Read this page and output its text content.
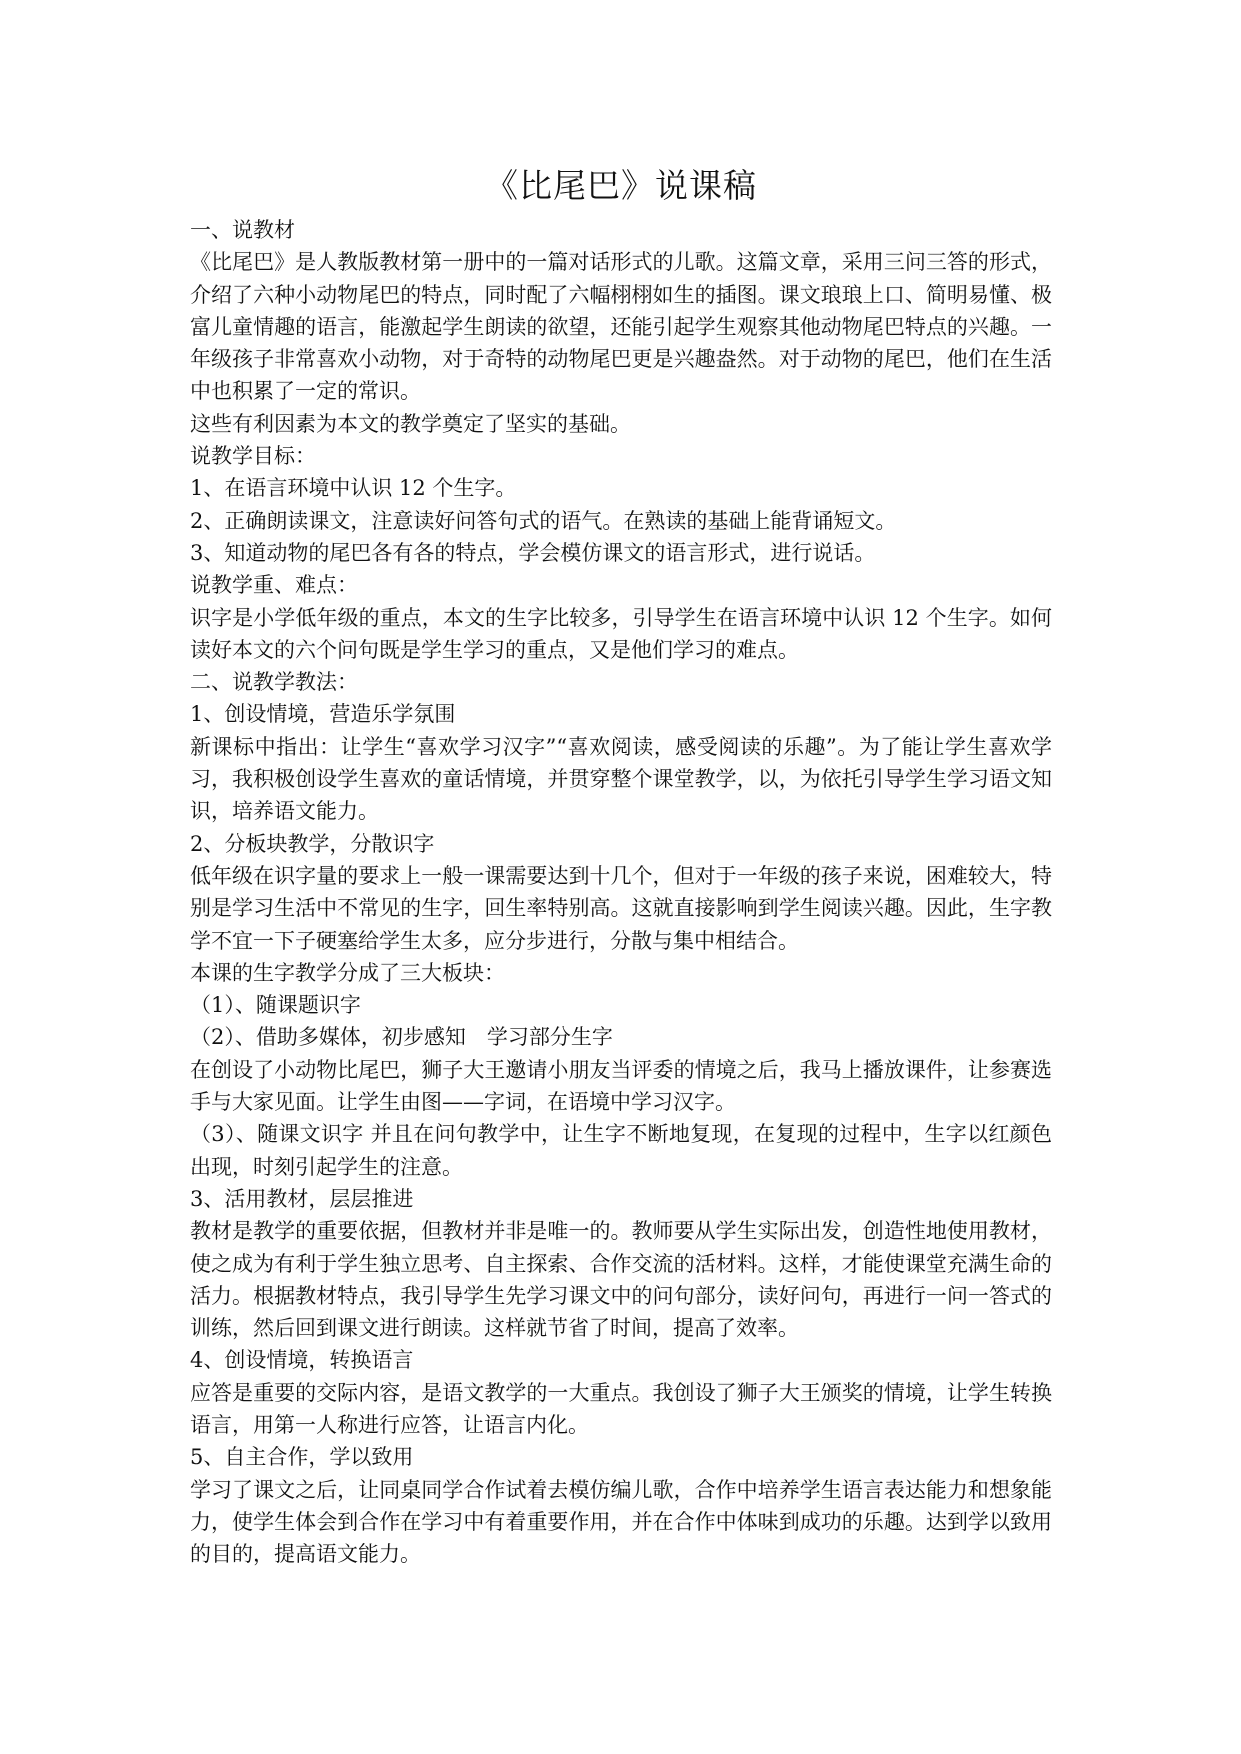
《比尾巴》说课稿

一、说教材

《比尾巴》是人教版教材第一册中的一篇对话形式的儿歌。这篇文章，采用三问三答的形式，介绍了六种小动物尾巴的特点，同时配了六幅栩栩如生的插图。课文琅琅上口、简明易懂、极富儿童情趣的语言，能激起学生朗读的欲望，还能引起学生观察其他动物尾巴特点的兴趣。一年级孩子非常喜欢小动物，对于奇特的动物尾巴更是兴趣盎然。对于动物的尾巴，他们在生活中也积累了一定的常识。

这些有利因素为本文的教学奠定了坚实的基础。

说教学目标：

1、在语言环境中认识 12 个生字。

2、正确朗读课文，注意读好问答句式的语气。在熟读的基础上能背诵短文。

3、知道动物的尾巴各有各的特点，学会模仿课文的语言形式，进行说话。

说教学重、难点：

识字是小学低年级的重点，本文的生字比较多，引导学生在语言环境中认识 12 个生字。如何读好本文的六个问句既是学生学习的重点，又是他们学习的难点。

二、说教学教法：

1、创设情境，营造乐学氛围

新课标中指出：让学生“喜欢学习汉字”“喜欢阅读，感受阅读的乐趣”。为了能让学生喜欢学习，我积极创设学生喜欢的童话情境，并贯穿整个课堂教学，以，为依托引导学生学习语文知识，培养语文能力。

2、分板块教学，分散识字

低年级在识字量的要求上一般一课需要达到十几个，但对于一年级的孩子来说，困难较大，特别是学习生活中不常见的生字，回生率特别高。这就直接影响到学生阅读兴趣。因此，生字教学不宜一下子硬塞给学生太多，应分步进行，分散与集中相结合。

本课的生字教学分成了三大板块：

（1）、随课题识字

（2）、借助多媒体，初步感知　学习部分生字

在创设了小动物比尾巴，狮子大王邀请小朋友当评委的情境之后，我马上播放课件，让参赛选手与大家见面。让学生由图——字词，在语境中学习汉字。

（3）、随课文识字 并且在问句教学中，让生字不断地复现，在复现的过程中，生字以红颜色出现，时刻引起学生的注意。

3、活用教材，层层推进

教材是教学的重要依据，但教材并非是唯一的。教师要从学生实际出发，创造性地使用教材，使之成为有利于学生独立思考、自主探索、合作交流的活材料。这样，才能使课堂充满生命的活力。根据教材特点，我引导学生先学习课文中的问句部分，读好问句，再进行一问一答式的训练，然后回到课文进行朗读。这样就节省了时间，提高了效率。

4、创设情境，转换语言

应答是重要的交际内容，是语文教学的一大重点。我创设了狮子大王颁奖的情境，让学生转换语言，用第一人称进行应答，让语言内化。

5、自主合作，学以致用

学习了课文之后，让同桌同学合作试着去模仿编儿歌，合作中培养学生语言表达能力和想象能力，使学生体会到合作在学习中有着重要作用，并在合作中体味到成功的乐趣。达到学以致用的目的，提高语文能力。
